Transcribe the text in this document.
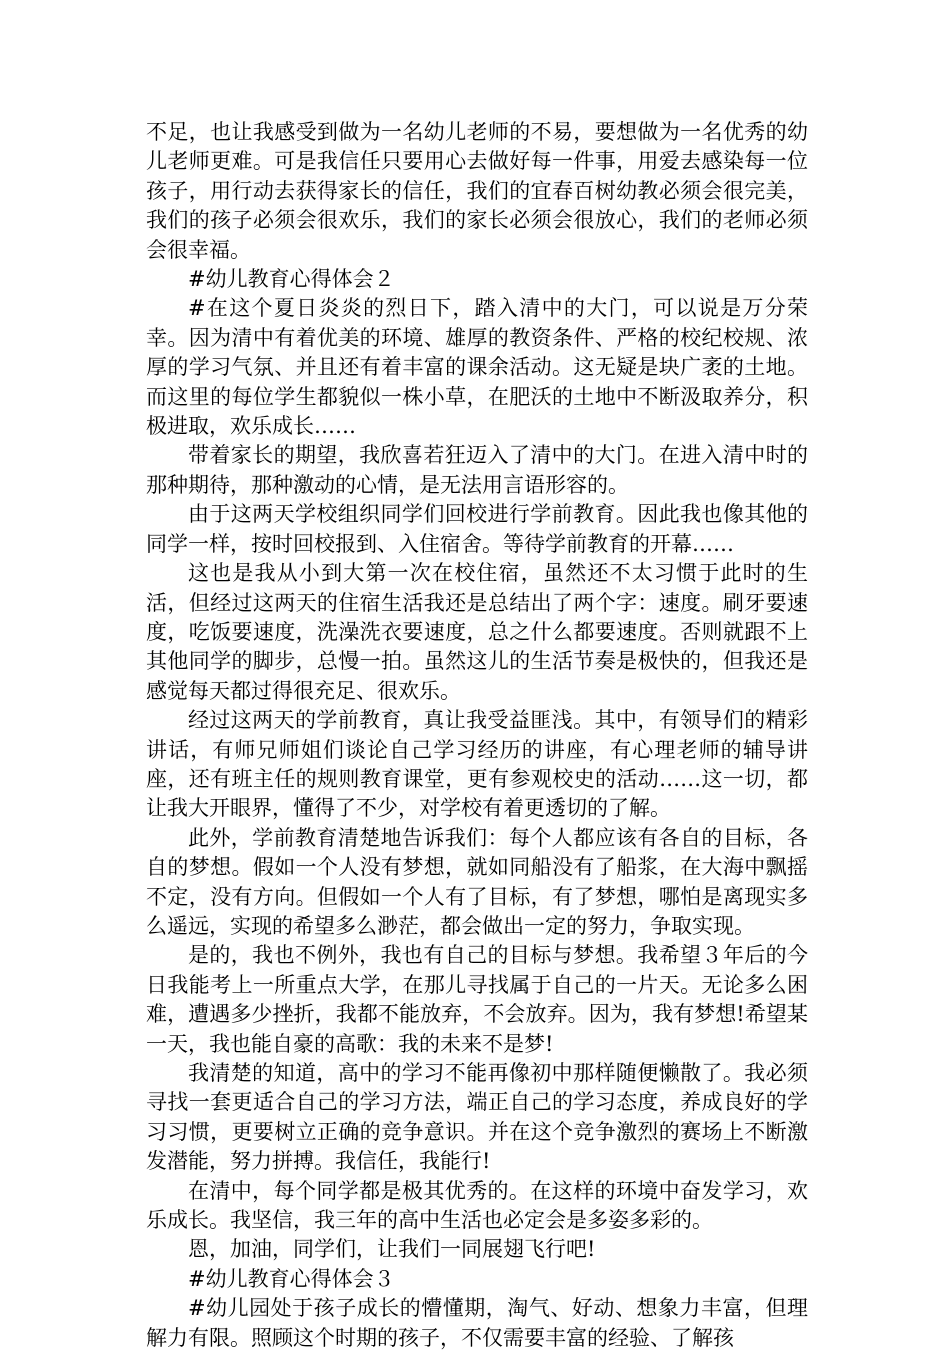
不足，也让我感受到做为一名幼儿老师的不易，要想做为一名优秀的幼儿老师更难。可是我信任只要用心去做好每一件事，用爱去感染每一位孩子，用行动去获得家长的信任，我们的宜春百树幼教必须会很完美，我们的孩子必须会很欢乐，我们的家长必须会很放心，我们的老师必须会很幸福。

#幼儿教育心得体会２

#在这个夏日炎炎的烈日下，踏入清中的大门，可以说是万分荣幸。因为清中有着优美的环境、雄厚的教资条件、严格的校纪校规、浓厚的学习气氛、并且还有着丰富的课余活动。这无疑是块广袤的土地。而这里的每位学生都貌似一株小草，在肥沃的土地中不断汲取养分，积极进取，欢乐成长……

带着家长的期望，我欣喜若狂迈入了清中的大门。在进入清中时的那种期待，那种激动的心情，是无法用言语形容的。

由于这两天学校组织同学们回校进行学前教育。因此我也像其他的同学一样，按时回校报到、入住宿舍。等待学前教育的开幕……

这也是我从小到大第一次在校住宿，虽然还不太习惯于此时的生活，但经过这两天的住宿生活我还是总结出了两个字：速度。刷牙要速度，吃饭要速度，洗澡洗衣要速度，总之什么都要速度。否则就跟不上其他同学的脚步，总慢一拍。虽然这儿的生活节奏是极快的，但我还是感觉每天都过得很充足、很欢乐。

经过这两天的学前教育，真让我受益匪浅。其中，有领导们的精彩讲话，有师兄师姐们谈论自己学习经历的讲座，有心理老师的辅导讲座，还有班主任的规则教育课堂，更有参观校史的活动……这一切，都让我大开眼界，懂得了不少，对学校有着更透切的了解。

此外，学前教育清楚地告诉我们：每个人都应该有各自的目标，各自的梦想。假如一个人没有梦想，就如同船没有了船浆，在大海中飘摇不定，没有方向。但假如一个人有了目标，有了梦想，哪怕是离现实多么遥远，实现的希望多么渺茫，都会做出一定的努力，争取实现。

是的，我也不例外，我也有自己的目标与梦想。我希望３年后的今日我能考上一所重点大学，在那儿寻找属于自己的一片天。无论多么困难，遭遇多少挫折，我都不能放弃，不会放弃。因为，我有梦想!希望某一天，我也能自豪的高歌：我的未来不是梦!

我清楚的知道，高中的学习不能再像初中那样随便懒散了。我必须寻找一套更适合自己的学习方法，端正自己的学习态度，养成良好的学习习惯，更要树立正确的竞争意识。并在这个竞争激烈的赛场上不断激发潜能，努力拼搏。我信任，我能行!

在清中，每个同学都是极其优秀的。在这样的环境中奋发学习，欢乐成长。我坚信，我三年的高中生活也必定会是多姿多彩的。

恩，加油，同学们，让我们一同展翅飞行吧!

#幼儿教育心得体会３

#幼儿园处于孩子成长的懵懂期，淘气、好动、想象力丰富，但理解力有限。照顾这个时期的孩子，不仅需要丰富的经验、了解孩
